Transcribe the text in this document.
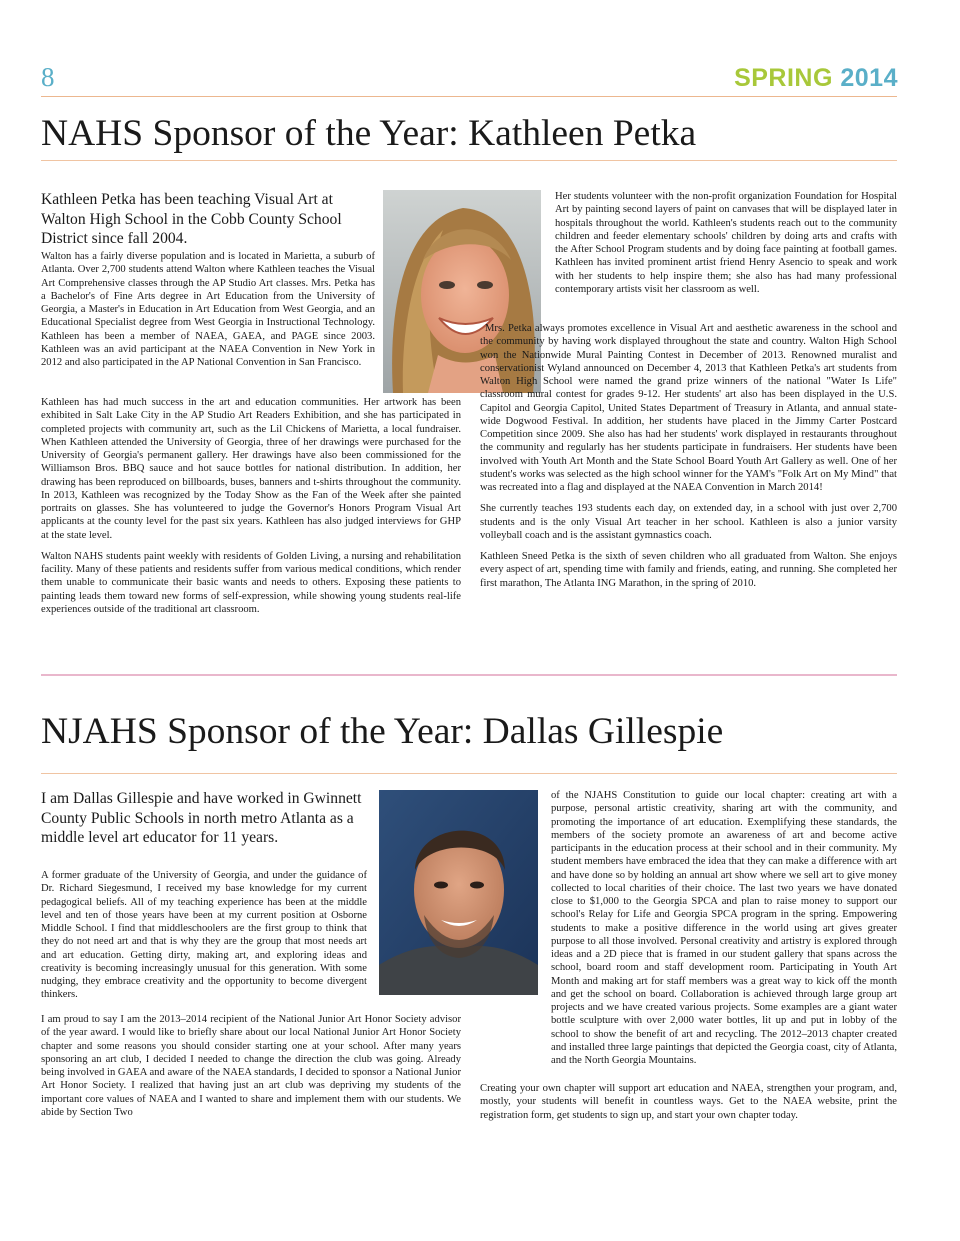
8	SPRING 2014
NAHS Sponsor of the Year: Kathleen Petka

Kathleen Petka has been teaching Visual Art at Walton High School in the Cobb County School District since fall 2004.

Walton has a fairly diverse population and is located in Marietta, a suburb of Atlanta. Over 2,700 students attend Walton where Kathleen teaches the Visual Art Comprehensive classes through the AP Studio Art classes. Mrs. Petka has a Bachelor's of Fine Arts degree in Art Education from the University of Georgia, a Master's in Education in Art Education from West Georgia, and an Educational Specialist degree from West Georgia in Instructional Technology. Kathleen has been a member of NAEA, GAEA, and PAGE since 2003. Kathleen was an avid participant at the NAEA Convention in New York in 2012 and also participated in the AP National Convention in San Francisco.

Kathleen has had much success in the art and education communities. Her artwork has been exhibited in Salt Lake City in the AP Studio Art Readers Exhibition, and she has participated in completed projects with community art, such as the Lil Chickens of Marietta, a local fundraiser. When Kathleen attended the University of Georgia, three of her drawings were purchased for the University of Georgia's permanent gallery. Her drawings have also been commissioned for the Williamson Bros. BBQ sauce and hot sauce bottles for national distribution. In addition, her drawing has been reproduced on billboards, buses, banners and t-shirts throughout the community. In 2013, Kathleen was recognized by the Today Show as the Fan of the Week after she painted portraits on glasses. She has volunteered to judge the Governor's Honors Program Visual Art applicants at the county level for the past six years. Kathleen has also judged interviews for GHP at the state level.

Walton NAHS students paint weekly with residents of Golden Living, a nursing and rehabilitation facility. Many of these patients and residents suffer from various medical conditions, which render them unable to communicate their basic wants and needs to others. Exposing these patients to painting leads them toward new forms of self-expression, while showing young students real-life experiences outside of the traditional art classroom.

Her students volunteer with the non-profit organization Foundation for Hospital Art by painting second layers of paint on canvases that will be displayed later in hospitals throughout the world. Kathleen's students reach out to the community children and feeder elementary schools' children by doing arts and crafts with the After School Program students and by doing face painting at football games. Kathleen has invited prominent artist friend Henry Asencio to speak and work with her students to help inspire them; she also has had many professional contemporary artists visit her classroom as well.

Mrs. Petka always promotes excellence in Visual Art and aesthetic awareness in the school and the community by having work displayed throughout the state and country. Walton High School won the Nationwide Mural Painting Contest in December of 2013. Renowned muralist and conservationist Wyland announced on December 4, 2013 that Kathleen Petka's art students from Walton High School were named the grand prize winners of the national "Water Is Life" classroom mural contest for grades 9-12. Her students' art also has been displayed in the U.S. Capitol and Georgia Capitol, United States Department of Treasury in Atlanta, and annual state-wide Dogwood Festival. In addition, her students have placed in the Jimmy Carter Postcard Competition since 2009. She also has had her students' work displayed in restaurants throughout the community and regularly has her students participate in fundraisers. Her students have been involved with Youth Art Month and the State School Board Youth Art Gallery as well. One of her student's works was selected as the high school winner for the YAM's "Folk Art on My Mind" that was recreated into a flag and displayed at the NAEA Convention in March 2014!

She currently teaches 193 students each day, on extended day, in a school with just over 2,700 students and is the only Visual Art teacher in her school. Kathleen is also a junior varsity volleyball coach and is the assistant gymnastics coach.

Kathleen Sneed Petka is the sixth of seven children who all graduated from Walton. She enjoys every aspect of art, spending time with family and friends, eating, and running. She completed her first marathon, The Atlanta ING Marathon, in the spring of 2010.

NJAHS Sponsor of the Year: Dallas Gillespie

I am Dallas Gillespie and have worked in Gwinnett County Public Schools in north metro Atlanta as a middle level art educator for 11 years.

A former graduate of the University of Georgia, and under the guidance of Dr. Richard Siegesmund, I received my base knowledge for my current pedagogical beliefs. All of my teaching experience has been at the middle level and ten of those years have been at my current position at Osborne Middle School. I find that middleschoolers are the first group to think that they do not need art and that is why they are the group that most needs art and art education. Getting dirty, making art, and exploring ideas and creativity is becoming increasingly unusual for this generation. With some nudging, they embrace creativity and the opportunity to become divergent thinkers.

I am proud to say I am the 2013–2014 recipient of the National Junior Art Honor Society advisor of the year award. I would like to briefly share about our local National Junior Art Honor Society chapter and some reasons you should consider starting one at your school. After many years sponsoring an art club, I decided I needed to change the direction the club was going. Already being involved in GAEA and aware of the NAEA standards, I decided to sponsor a National Junior Art Honor Society. I realized that having just an art club was depriving my students of the important core values of NAEA and I wanted to share and implement them with our students. We abide by Section Two

of the NJAHS Constitution to guide our local chapter: creating art with a purpose, personal artistic creativity, sharing art with the community, and promoting the importance of art education. Exemplifying these standards, the members of the society promote an awareness of art and become active participants in the education process at their school and in their community. My student members have embraced the idea that they can make a difference with art and have done so by holding an annual art show where we sell art to give money collected to local charities of their choice. The last two years we have donated close to $1,000 to the Georgia SPCA and plan to raise money to support our school's Relay for Life and Georgia SPCA program in the spring. Empowering students to make a positive difference in the world using art gives greater purpose to all those involved. Personal creativity and artistry is explored through ideas and a 2D piece that is framed in our student gallery that spans across the school, board room and staff development room. Participating in Youth Art Month and making art for staff members was a great way to kick off the month and get the school on board. Collaboration is achieved through large group art projects and we have created various projects. Some examples are a giant water bottle sculpture with over 2,000 water bottles, lit up and put in lobby of the school to show the benefit of art and recycling. The 2012–2013 chapter created and installed three large paintings that depicted the Georgia coast, city of Atlanta, and the North Georgia Mountains.

Creating your own chapter will support art education and NAEA, strengthen your program, and, mostly, your students will benefit in countless ways. Get to the NAEA website, print the registration form, get students to sign up, and start your own chapter today.
